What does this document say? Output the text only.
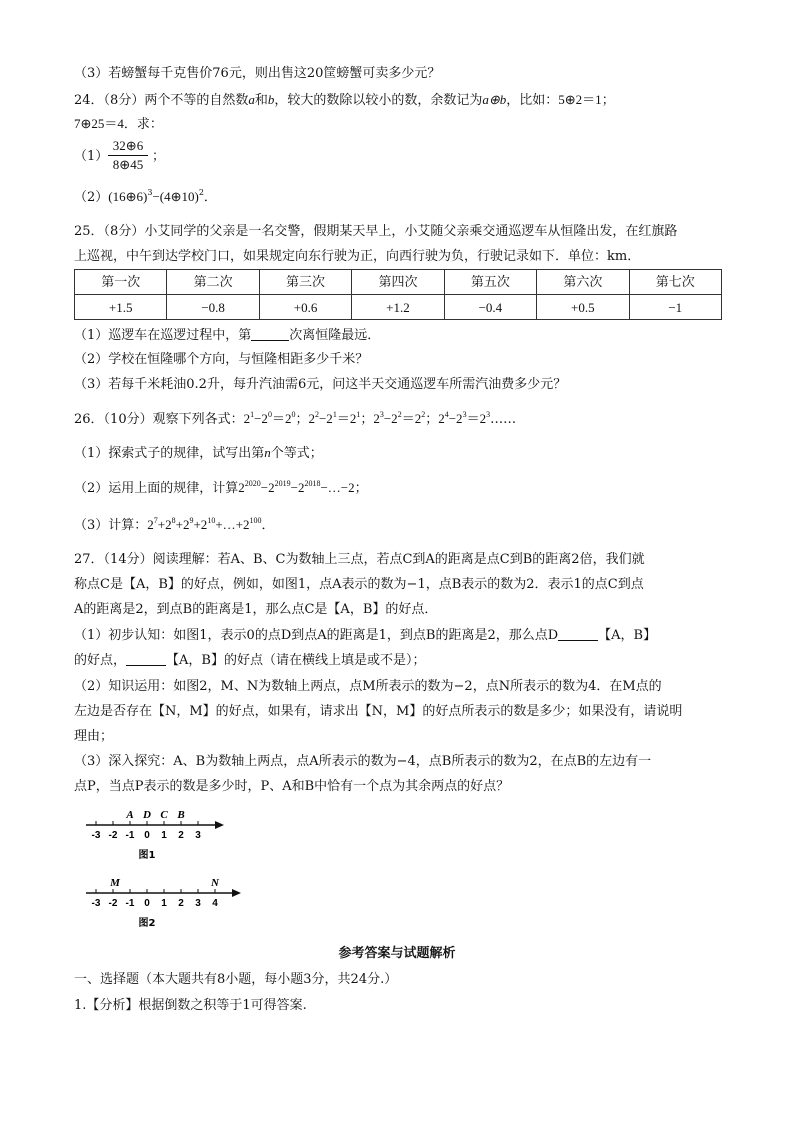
（3）若螃蟹每千克售价76元，则出售这20筐螃蟹可卖多少元？
24．（8分）两个不等的自然数a和b，较大的数除以较小的数，余数记为a⊕b，比如：5⊕2＝1；
7⊕25＝4．求：
（1）
32⊕6
8⊕45
；
（2）(16⊕6)$^3$−(4⊕10)$^2$．
25．（8分）小艾同学的父亲是一名交警，假期某天早上，小艾随父亲乘交通巡逻车从恒隆出发，在红旗路
上巡视，中午到达学校门口，如果规定向东行驶为正，向西行驶为负，行驶记录如下．单位：km．
第一次	第二次	第三次	第四次	第五次	第六次	第七次
+1.5	−0.8	+0.6	+1.2	−0.4	+0.5	−1
（1）巡逻车在巡逻过程中，第	次离恒隆最远．
（2）学校在恒隆哪个方向，与恒隆相距多少千米？
（3）若每千米耗油0.2升，每升汽油需6元，问这半天交通巡逻车所需汽油费多少元？
26．（10分）观察下列各式：$2^1-2^0=2^0$；$2^2-2^1=2^1$；$2^3-2^2=2^2$；$2^4-2^3=2^3\dots\dots$
（1）探索式子的规律，试写出第n个等式；
（2）运用上面的规律，计算$2^{2020}-2^{2019}-2^{2018}-\dots-2$；
（3）计算：$2^7+2^8+2^9+2^{10}+\dots+2^{100}$．
27．（14分）阅读理解：若A、B、C为数轴上三点，若点C到A的距离是点C到B的距离2倍，我们就
称点C是【A，B】的好点，例如，如图1，点A表示的数为−1，点B表示的数为2．表示1的点C到点
A的距离是2，到点B的距离是1，那么点C是【A，B】的好点．
（1）初步认知：如图1，表示0的点D到点A的距离是1，到点B的距离是2，那么点D	【A，B】
的好点，	【A，B】的好点（请在横线上填是或不是）；
（2）知识运用：如图2，M、N为数轴上两点，点M所表示的数为−2，点N所表示的数为4．在M点的
左边是否存在【N，M】的好点，如果有，请求出【N，M】的好点所表示的数是多少；如果没有，请说明
理由；
（3）深入探究：A、B为数轴上两点，点A所表示的数为−4，点B所表示的数为2，在点B的左边有一
点P，当点P表示的数是多少时，P、A和B中恰有一个点为其余两点的好点？
-3 -2 -1 0 1 2 3
A D C B
图1
-3 -2 -1 0 1 2 3 4
M	N
图2
参考答案与试题解析
一、选择题（本大题共有8小题，每小题3分，共24分.）
1.【分析】根据倒数之积等于1可得答案.
